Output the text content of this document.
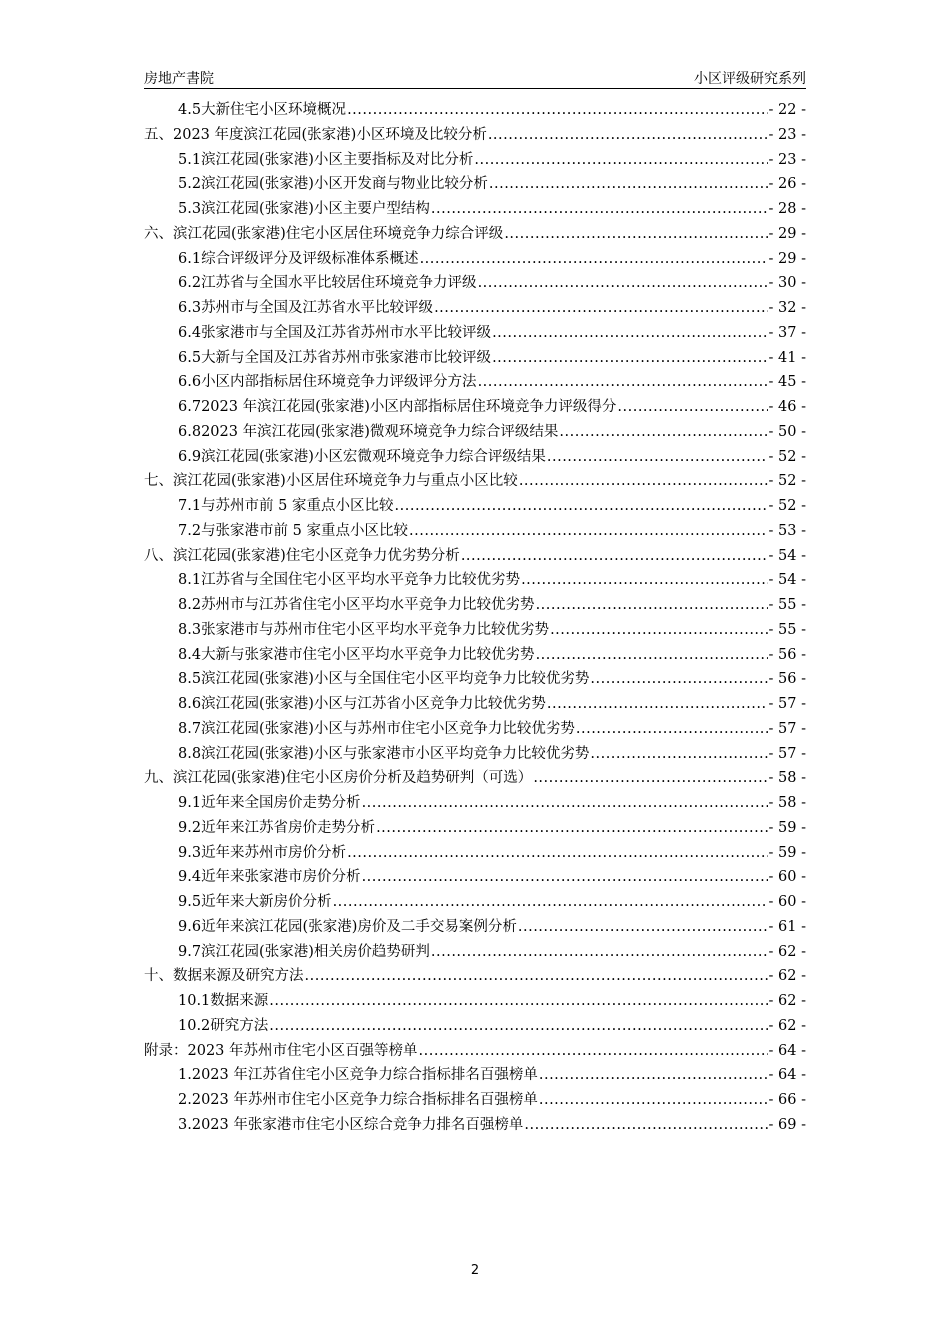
房地产書院	小区评级研究系列
4.5 大新住宅小区环境概况 .....	- 22 -
五、 2023 年度滨江花园(张家港)小区环境及比较分析 .....	- 23 -
5.1 滨江花园(张家港)小区主要指标及对比分析 .....	- 23 -
5.2 滨江花园(张家港)小区开发商与物业比较分析 .....	- 26 -
5.3 滨江花园(张家港)小区主要户型结构 .....	- 28 -
六、 滨江花园(张家港)住宅小区居住环境竞争力综合评级 .....	- 29 -
6.1 综合评级评分及评级标准体系概述 .....	- 29 -
6.2 江苏省与全国水平比较居住环境竞争力评级 .....	- 30 -
6.3 苏州市与全国及江苏省水平比较评级 .....	- 32 -
6.4 张家港市与全国及江苏省苏州市水平比较评级 .....	- 37 -
6.5 大新与全国及江苏省苏州市张家港市比较评级 .....	- 41 -
6.6 小区内部指标居住环境竞争力评级评分方法 .....	- 45 -
6.7 2023 年滨江花园(张家港)小区内部指标居住环境竞争力评级得分 .....	- 46 -
6.8 2023 年滨江花园(张家港)微观环境竞争力综合评级结果 .....	- 50 -
6.9 滨江花园(张家港)小区宏微观环境竞争力综合评级结果 .....	- 52 -
七、 滨江花园(张家港)小区居住环境竞争力与重点小区比较 .....	- 52 -
7.1 与苏州市前 5 家重点小区比较 .....	- 52 -
7.2 与张家港市前 5 家重点小区比较 .....	- 53 -
八、 滨江花园(张家港)住宅小区竞争力优劣势分析 .....	- 54 -
8.1 江苏省与全国住宅小区平均水平竞争力比较优劣势 .....	- 54 -
8.2 苏州市与江苏省住宅小区平均水平竞争力比较优劣势 .....	- 55 -
8.3 张家港市与苏州市住宅小区平均水平竞争力比较优劣势 .....	- 55 -
8.4 大新与张家港市住宅小区平均水平竞争力比较优劣势 .....	- 56 -
8.5 滨江花园(张家港)小区与全国住宅小区平均竞争力比较优劣势 .....	- 56 -
8.6 滨江花园(张家港)小区与江苏省小区竞争力比较优劣势 .....	- 57 -
8.7 滨江花园(张家港)小区与苏州市住宅小区竞争力比较优劣势 .....	- 57 -
8.8 滨江花园(张家港)小区与张家港市小区平均竞争力比较优劣势 .....	- 57 -
九、 滨江花园(张家港)住宅小区房价分析及趋势研判（可选） .....	- 58 -
9.1 近年来全国房价走势分析 .....	- 58 -
9.2 近年来江苏省房价走势分析 .....	- 59 -
9.3 近年来苏州市房价分析 .....	- 59 -
9.4 近年来张家港市房价分析 .....	- 60 -
9.5 近年来大新房价分析 .....	- 60 -
9.6 近年来滨江花园(张家港)房价及二手交易案例分析 .....	- 61 -
9.7 滨江花园(张家港)相关房价趋势研判 .....	- 62 -
十、 数据来源及研究方法 .....	- 62 -
10.1 数据来源 .....	- 62 -
10.2 研究方法 .....	- 62 -
附录： 2023 年苏州市住宅小区百强等榜单 .....	- 64 -
1. 2023 年江苏省住宅小区竞争力综合指标排名百强榜单 .....	- 64 -
2. 2023 年苏州市住宅小区竞争力综合指标排名百强榜单 .....	- 66 -
3. 2023 年张家港市住宅小区综合竞争力排名百强榜单 .....	- 69 -
2
